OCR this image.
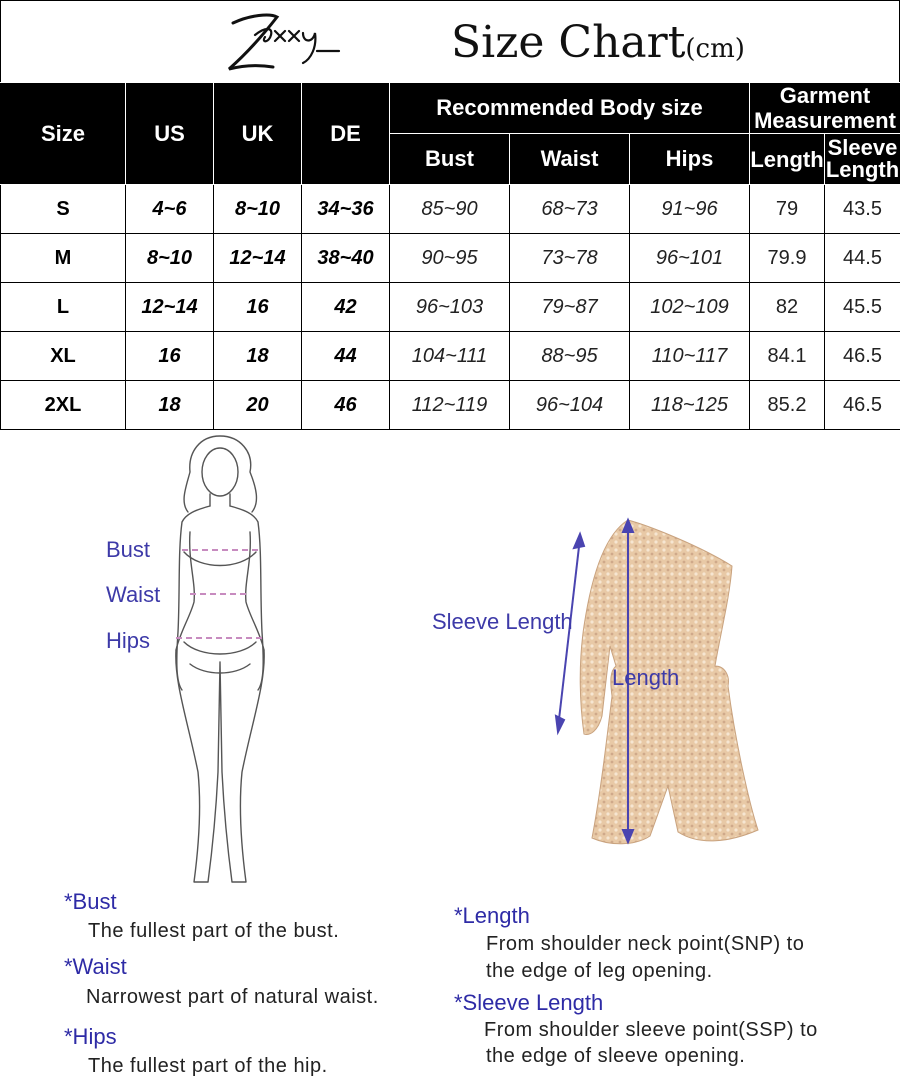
Size Chart(cm)
Size	US	UK	DE	Recommended Body size			Garment
Measurement	
				Bust	Waist	Hips	Length	Sleeve
Length
S	4~6	8~10	34~36	85~90	68~73	91~96	79	43.5
M	8~10	12~14	38~40	90~95	73~78	96~101	79.9	44.5
L	12~14	16	42	96~103	79~87	102~109	82	45.5
XL	16	18	44	104~111	88~95	110~117	84.1	46.5
2XL	18	20	46	112~119	96~104	118~125	85.2	46.5
Bust
Waist
Hips
Sleeve Length
Length
*Bust
The fullest part of the bust.
*Waist
Narrowest part of natural waist.
*Hips
The fullest part of the hip.
*Length
From shoulder neck point(SNP) to
the edge of leg opening.
*Sleeve Length
From shoulder sleeve point(SSP) to
the edge of sleeve opening.
